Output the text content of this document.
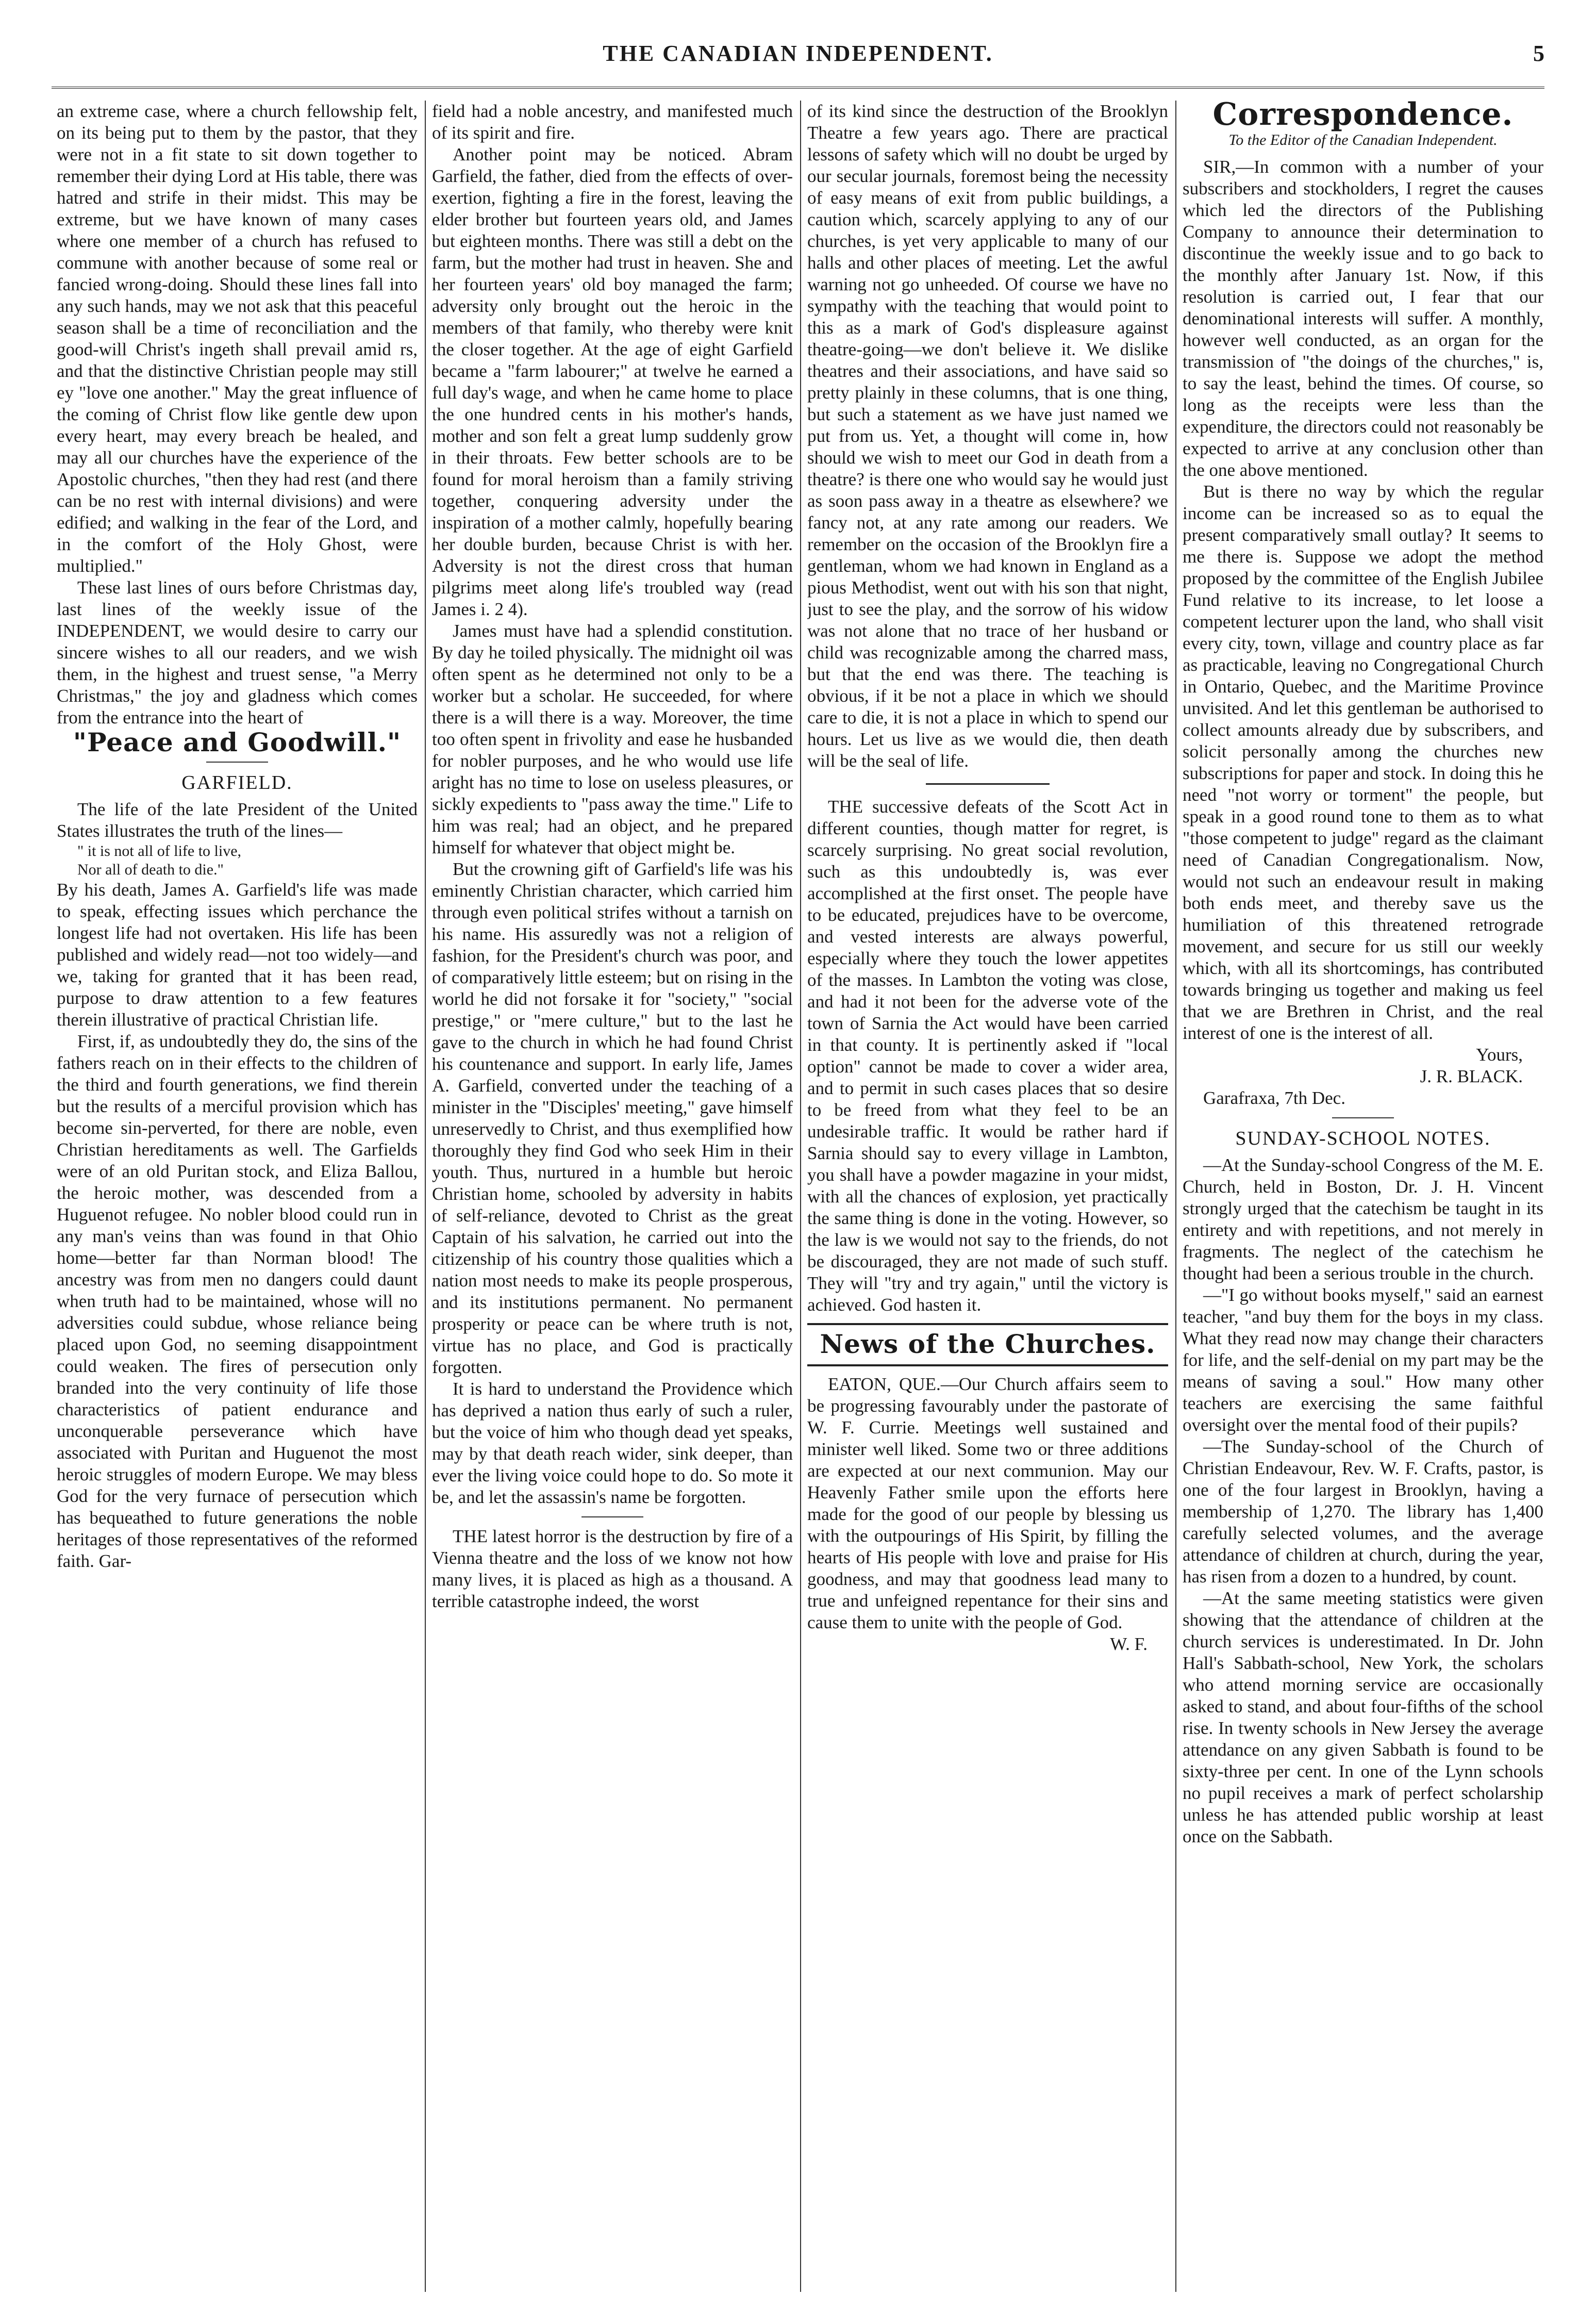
THE CANADIAN INDEPENDENT.	5

an extreme case, where a church fellowship felt, on its being put to them by the pastor, that they were not in a fit state to sit down together to remember their dying Lord at His table, there was hatred and strife in their midst. This may be extreme, but we have known of many cases where one member of a church has refused to commune with another because of some real or fancied wrong-doing. Should these lines fall into any such hands, may we not ask that this peaceful season shall be a time of reconciliation and the good-will Christ's ingeth shall prevail amid rs, and that the distinctive Christian people may still ey "love one another." May the great influence of the coming of Christ flow like gentle dew upon every heart, may every breach be healed, and may all our churches have the experience of the Apostolic churches, "then they had rest (and there can be no rest with internal divisions) and were edified; and walking in the fear of the Lord, and in the comfort of the Holy Ghost, were multiplied."

These last lines of ours before Christmas day, last lines of the weekly issue of the INDEPENDENT, we would desire to carry our sincere wishes to all our readers, and we wish them, in the highest and truest sense, "a Merry Christmas," the joy and gladness which comes from the entrance into the heart of

"Peace and Goodwill."
GARFIELD.

The life of the late President of the United States illustrates the truth of the lines—

" it is not all of life to live,

Nor all of death to die."

By his death, James A. Garfield's life was made to speak, effecting issues which perchance the longest life had not overtaken. His life has been published and widely read—not too widely—and we, taking for granted that it has been read, purpose to draw attention to a few features therein illustrative of practical Christian life.

First, if, as undoubtedly they do, the sins of the fathers reach on in their effects to the children of the third and fourth generations, we find therein but the results of a merciful provision which has become sin-perverted, for there are noble, even Christian hereditaments as well. The Garfields were of an old Puritan stock, and Eliza Ballou, the heroic mother, was descended from a Huguenot refugee. No nobler blood could run in any man's veins than was found in that Ohio home—better far than Norman blood! The ancestry was from men no dangers could daunt when truth had to be maintained, whose will no adversities could subdue, whose reliance being placed upon God, no seeming disappointment could weaken. The fires of persecution only branded into the very continuity of life those characteristics of patient endurance and unconquerable perseverance which have associated with Puritan and Huguenot the most heroic struggles of modern Europe. We may bless God for the very furnace of persecution which has bequeathed to future generations the noble heritages of those representatives of the reformed faith. Gar-

field had a noble ancestry, and manifested much of its spirit and fire.

Another point may be noticed. Abram Garfield, the father, died from the effects of over-exertion, fighting a fire in the forest, leaving the elder brother but fourteen years old, and James but eighteen months. There was still a debt on the farm, but the mother had trust in heaven. She and her fourteen years' old boy managed the farm; adversity only brought out the heroic in the members of that family, who thereby were knit the closer together. At the age of eight Garfield became a "farm labourer;" at twelve he earned a full day's wage, and when he came home to place the one hundred cents in his mother's hands, mother and son felt a great lump suddenly grow in their throats. Few better schools are to be found for moral heroism than a family striving together, conquering adversity under the inspiration of a mother calmly, hopefully bearing her double burden, because Christ is with her. Adversity is not the direst cross that human pilgrims meet along life's troubled way (read James i. 2 4).

James must have had a splendid constitution. By day he toiled physically. The midnight oil was often spent as he determined not only to be a worker but a scholar. He succeeded, for where there is a will there is a way. Moreover, the time too often spent in frivolity and ease he husbanded for nobler purposes, and he who would use life aright has no time to lose on useless pleasures, or sickly expedients to "pass away the time." Life to him was real; had an object, and he prepared himself for whatever that object might be.

But the crowning gift of Garfield's life was his eminently Christian character, which carried him through even political strifes without a tarnish on his name. His assuredly was not a religion of fashion, for the President's church was poor, and of comparatively little esteem; but on rising in the world he did not forsake it for "society," "social prestige," or "mere culture," but to the last he gave to the church in which he had found Christ his countenance and support. In early life, James A. Garfield, converted under the teaching of a minister in the "Disciples' meeting," gave himself unreservedly to Christ, and thus exemplified how thoroughly they find God who seek Him in their youth. Thus, nurtured in a humble but heroic Christian home, schooled by adversity in habits of self-reliance, devoted to Christ as the great Captain of his salvation, he carried out into the citizenship of his country those qualities which a nation most needs to make its people prosperous, and its institutions permanent. No permanent prosperity or peace can be where truth is not, virtue has no place, and God is practically forgotten.

It is hard to understand the Providence which has deprived a nation thus early of such a ruler, but the voice of him who though dead yet speaks, may by that death reach wider, sink deeper, than ever the living voice could hope to do. So mote it be, and let the assassin's name be forgotten.

THE latest horror is the destruction by fire of a Vienna theatre and the loss of we know not how many lives, it is placed as high as a thousand. A terrible catastrophe indeed, the worst

of its kind since the destruction of the Brooklyn Theatre a few years ago. There are practical lessons of safety which will no doubt be urged by our secular journals, foremost being the necessity of easy means of exit from public buildings, a caution which, scarcely applying to any of our churches, is yet very applicable to many of our halls and other places of meeting. Let the awful warning not go unheeded. Of course we have no sympathy with the teaching that would point to this as a mark of God's displeasure against theatre-going—we don't believe it. We dislike theatres and their associations, and have said so pretty plainly in these columns, that is one thing, but such a statement as we have just named we put from us. Yet, a thought will come in, how should we wish to meet our God in death from a theatre? is there one who would say he would just as soon pass away in a theatre as elsewhere? we fancy not, at any rate among our readers. We remember on the occasion of the Brooklyn fire a gentleman, whom we had known in England as a pious Methodist, went out with his son that night, just to see the play, and the sorrow of his widow was not alone that no trace of her husband or child was recognizable among the charred mass, but that the end was there. The teaching is obvious, if it be not a place in which we should care to die, it is not a place in which to spend our hours. Let us live as we would die, then death will be the seal of life.

THE successive defeats of the Scott Act in different counties, though matter for regret, is scarcely surprising. No great social revolution, such as this undoubtedly is, was ever accomplished at the first onset. The people have to be educated, prejudices have to be overcome, and vested interests are always powerful, especially where they touch the lower appetites of the masses. In Lambton the voting was close, and had it not been for the adverse vote of the town of Sarnia the Act would have been carried in that county. It is pertinently asked if "local option" cannot be made to cover a wider area, and to permit in such cases places that so desire to be freed from what they feel to be an undesirable traffic. It would be rather hard if Sarnia should say to every village in Lambton, you shall have a powder magazine in your midst, with all the chances of explosion, yet practically the same thing is done in the voting. However, so the law is we would not say to the friends, do not be discouraged, they are not made of such stuff. They will "try and try again," until the victory is achieved. God hasten it.

News of the Churches.

EATON, QUE.—Our Church affairs seem to be progressing favourably under the pastorate of W. F. Currie. Meetings well sustained and minister well liked. Some two or three additions are expected at our next communion. May our Heavenly Father smile upon the efforts here made for the good of our people by blessing us with the outpourings of His Spirit, by filling the hearts of His people with love and praise for His goodness, and may that goodness lead many to true and unfeigned repentance for their sins and cause them to unite with the people of God.

W. F.

Correspondence.
To the Editor of the Canadian Independent.

SIR,—In common with a number of your subscribers and stockholders, I regret the causes which led the directors of the Publishing Company to announce their determination to discontinue the weekly issue and to go back to the monthly after January 1st. Now, if this resolution is carried out, I fear that our denominational interests will suffer. A monthly, however well conducted, as an organ for the transmission of "the doings of the churches," is, to say the least, behind the times. Of course, so long as the receipts were less than the expenditure, the directors could not reasonably be expected to arrive at any conclusion other than the one above mentioned.

But is there no way by which the regular income can be increased so as to equal the present comparatively small outlay? It seems to me there is. Suppose we adopt the method proposed by the committee of the English Jubilee Fund relative to its increase, to let loose a competent lecturer upon the land, who shall visit every city, town, village and country place as far as practicable, leaving no Congregational Church in Ontario, Quebec, and the Maritime Province unvisited. And let this gentleman be authorised to collect amounts already due by subscribers, and solicit personally among the churches new subscriptions for paper and stock. In doing this he need "not worry or torment" the people, but speak in a good round tone to them as to what "those competent to judge" regard as the claimant need of Canadian Congregationalism. Now, would not such an endeavour result in making both ends meet, and thereby save us the humiliation of this threatened retrograde movement, and secure for us still our weekly which, with all its shortcomings, has contributed towards bringing us together and making us feel that we are Brethren in Christ, and the real interest of one is the interest of all.

Yours,

J. R. BLACK.

Garafraxa, 7th Dec.

SUNDAY-SCHOOL NOTES.

—At the Sunday-school Congress of the M. E. Church, held in Boston, Dr. J. H. Vincent strongly urged that the catechism be taught in its entirety and with repetitions, and not merely in fragments. The neglect of the catechism he thought had been a serious trouble in the church.

—"I go without books myself," said an earnest teacher, "and buy them for the boys in my class. What they read now may change their characters for life, and the self-denial on my part may be the means of saving a soul." How many other teachers are exercising the same faithful oversight over the mental food of their pupils?

—The Sunday-school of the Church of Christian Endeavour, Rev. W. F. Crafts, pastor, is one of the four largest in Brooklyn, having a membership of 1,270. The library has 1,400 carefully selected volumes, and the average attendance of children at church, during the year, has risen from a dozen to a hundred, by count.

—At the same meeting statistics were given showing that the attendance of children at the church services is underestimated. In Dr. John Hall's Sabbath-school, New York, the scholars who attend morning service are occasionally asked to stand, and about four-fifths of the school rise. In twenty schools in New Jersey the average attendance on any given Sabbath is found to be sixty-three per cent. In one of the Lynn schools no pupil receives a mark of perfect scholarship unless he has attended public worship at least once on the Sabbath.
